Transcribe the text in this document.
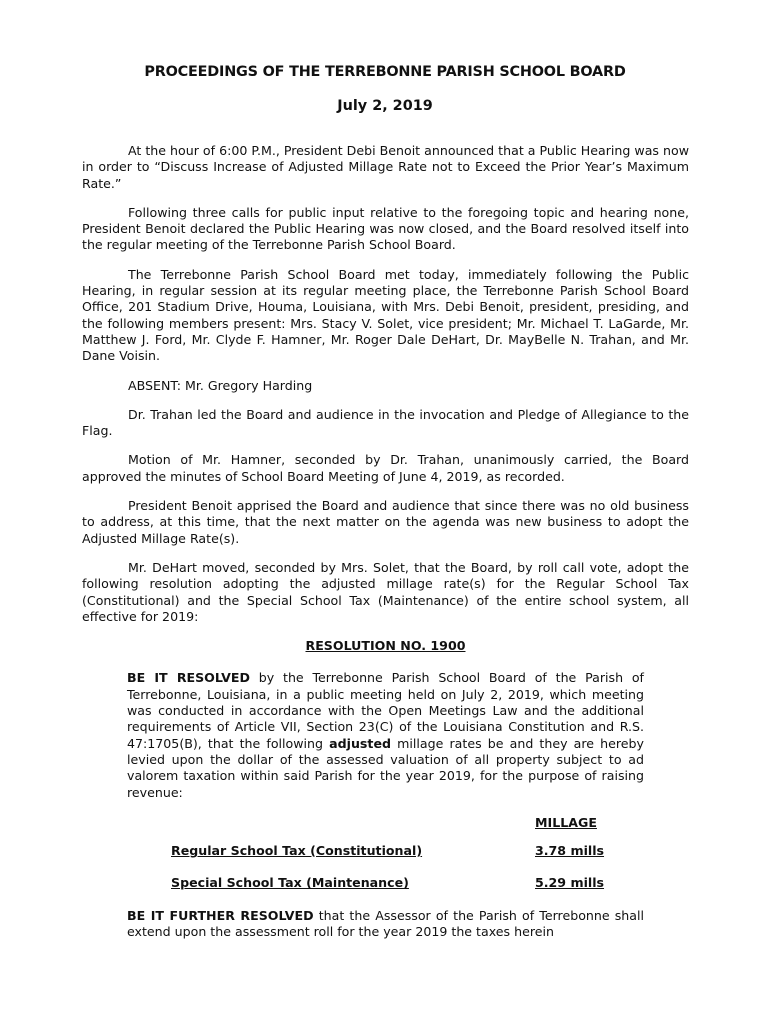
PROCEEDINGS OF THE TERREBONNE PARISH SCHOOL BOARD
July 2, 2019

At the hour of 6:00 P.M., President Debi Benoit announced that a Public Hearing was now in order to “Discuss Increase of Adjusted Millage Rate not to Exceed the Prior Year’s Maximum Rate.”

Following three calls for public input relative to the foregoing topic and hearing none, President Benoit declared the Public Hearing was now closed, and the Board resolved itself into the regular meeting of the Terrebonne Parish School Board.

The Terrebonne Parish School Board met today, immediately following the Public Hearing, in regular session at its regular meeting place, the Terrebonne Parish School Board Office, 201 Stadium Drive, Houma, Louisiana, with Mrs. Debi Benoit, president, presiding, and the following members present: Mrs. Stacy V. Solet, vice president; Mr. Michael T. LaGarde, Mr. Matthew J. Ford, Mr. Clyde F. Hamner, Mr. Roger Dale DeHart, Dr. MayBelle N. Trahan, and Mr. Dane Voisin.

ABSENT: Mr. Gregory Harding

Dr. Trahan led the Board and audience in the invocation and Pledge of Allegiance to the Flag.

Motion of Mr. Hamner, seconded by Dr. Trahan, unanimously carried, the Board approved the minutes of School Board Meeting of June 4, 2019, as recorded.

President Benoit apprised the Board and audience that since there was no old business to address, at this time, that the next matter on the agenda was new business to adopt the Adjusted Millage Rate(s).

Mr. DeHart moved, seconded by Mrs. Solet, that the Board, by roll call vote, adopt the following resolution adopting the adjusted millage rate(s) for the Regular School Tax (Constitutional) and the Special School Tax (Maintenance) of the entire school system, all effective for 2019:

RESOLUTION NO. 1900
BE IT RESOLVED by the Terrebonne Parish School Board of the Parish of Terrebonne, Louisiana, in a public meeting held on July 2, 2019, which meeting was conducted in accordance with the Open Meetings Law and the additional requirements of Article VII, Section 23(C) of the Louisiana Constitution and R.S. 47:1705(B), that the following adjusted millage rates be and they are hereby levied upon the dollar of the assessed valuation of all property subject to ad valorem taxation within said Parish for the year 2019, for the purpose of raising revenue:
MILLAGE
Regular School Tax (Constitutional)	3.78 mills
Special School Tax (Maintenance)	5.29 mills
BE IT FURTHER RESOLVED that the Assessor of the Parish of Terrebonne shall extend upon the assessment roll for the year 2019 the taxes herein
